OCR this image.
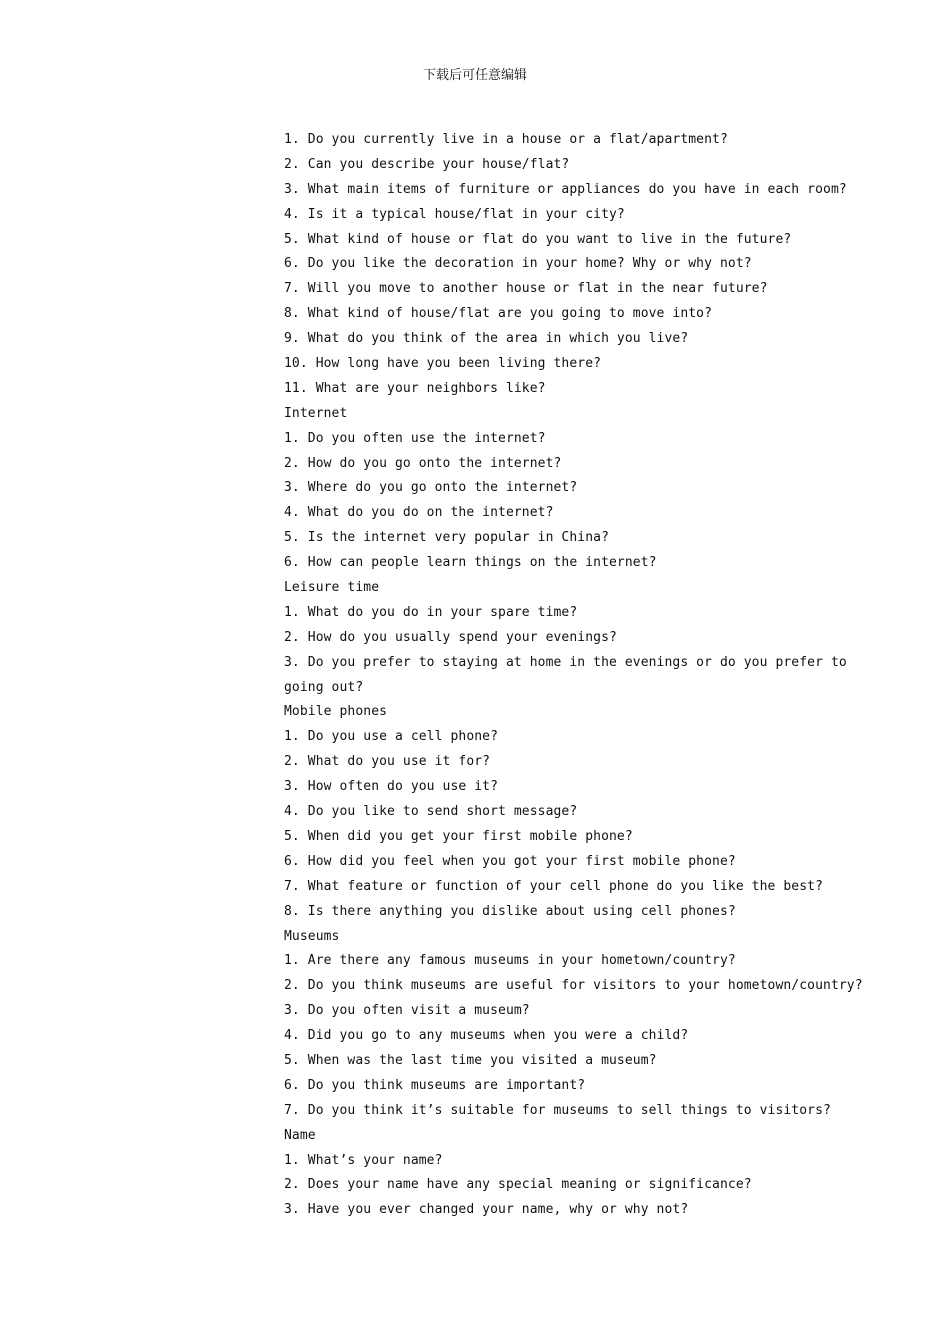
下载后可任意编辑
1. Do you currently live in a house or a flat/apartment?
2. Can you describe your house/flat?
3. What main items of furniture or appliances do you have in each room?
4. Is it a typical house/flat in your city?
5. What kind of house or flat do you want to live in the future?
6. Do you like the decoration in your home? Why or why not?
7. Will you move to another house or flat in the near future?
8. What kind of house/flat are you going to move into?
9. What do you think of the area in which you live?
10. How long have you been living there?
11. What are your neighbors like?
Internet
1. Do you often use the internet?
2. How do you go onto the internet?
3. Where do you go onto the internet?
4. What do you do on the internet?
5. Is the internet very popular in China?
6. How can people learn things on the internet?
Leisure time
1. What do you do in your spare time?
2. How do you usually spend your evenings?
3. Do you prefer to staying at home in the evenings or do you prefer to
going out?
Mobile phones
1. Do you use a cell phone?
2. What do you use it for?
3. How often do you use it?
4. Do you like to send short message?
5. When did you get your first mobile phone?
6. How did you feel when you got your first mobile phone?
7. What feature or function of your cell phone do you like the best?
8. Is there anything you dislike about using cell phones?
Museums
1. Are there any famous museums in your hometown/country?
2. Do you think museums are useful for visitors to your hometown/country?
3. Do you often visit a museum?
4. Did you go to any museums when you were a child?
5. When was the last time you visited a museum?
6. Do you think museums are important?
7. Do you think it’s suitable for museums to sell things to visitors?
Name
1. What’s your name?
2. Does your name have any special meaning or significance?
3. Have you ever changed your name, why or why not?
